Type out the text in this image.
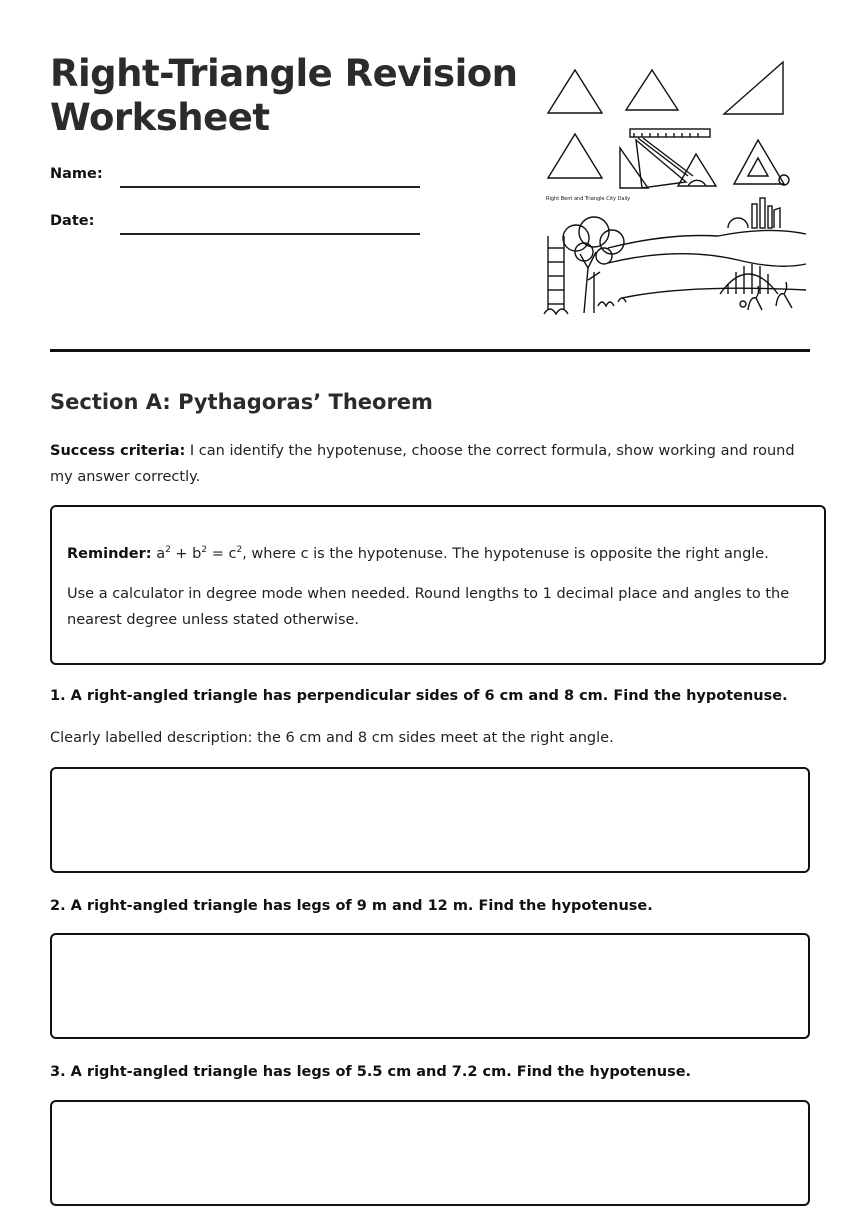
Right-Triangle Revision Worksheet
Name:
Date:
Right Bent and Triangle City Daily
Section A: Pythagoras’ Theorem

Success criteria: I can identify the hypotenuse, choose the correct formula, show working and round my answer correctly.

Reminder: $a^2 + b^2 = c^2$, where c is the hypotenuse. The hypotenuse is opposite the right angle.

Use a calculator in degree mode when needed. Round lengths to 1 decimal place and angles to the nearest degree unless stated otherwise.

1. A right-angled triangle has perpendicular sides of 6 cm and 8 cm. Find the hypotenuse.

Clearly labelled description: the 6 cm and 8 cm sides meet at the right angle.

2. A right-angled triangle has legs of 9 m and 12 m. Find the hypotenuse.

3. A right-angled triangle has legs of 5.5 cm and 7.2 cm. Find the hypotenuse.
